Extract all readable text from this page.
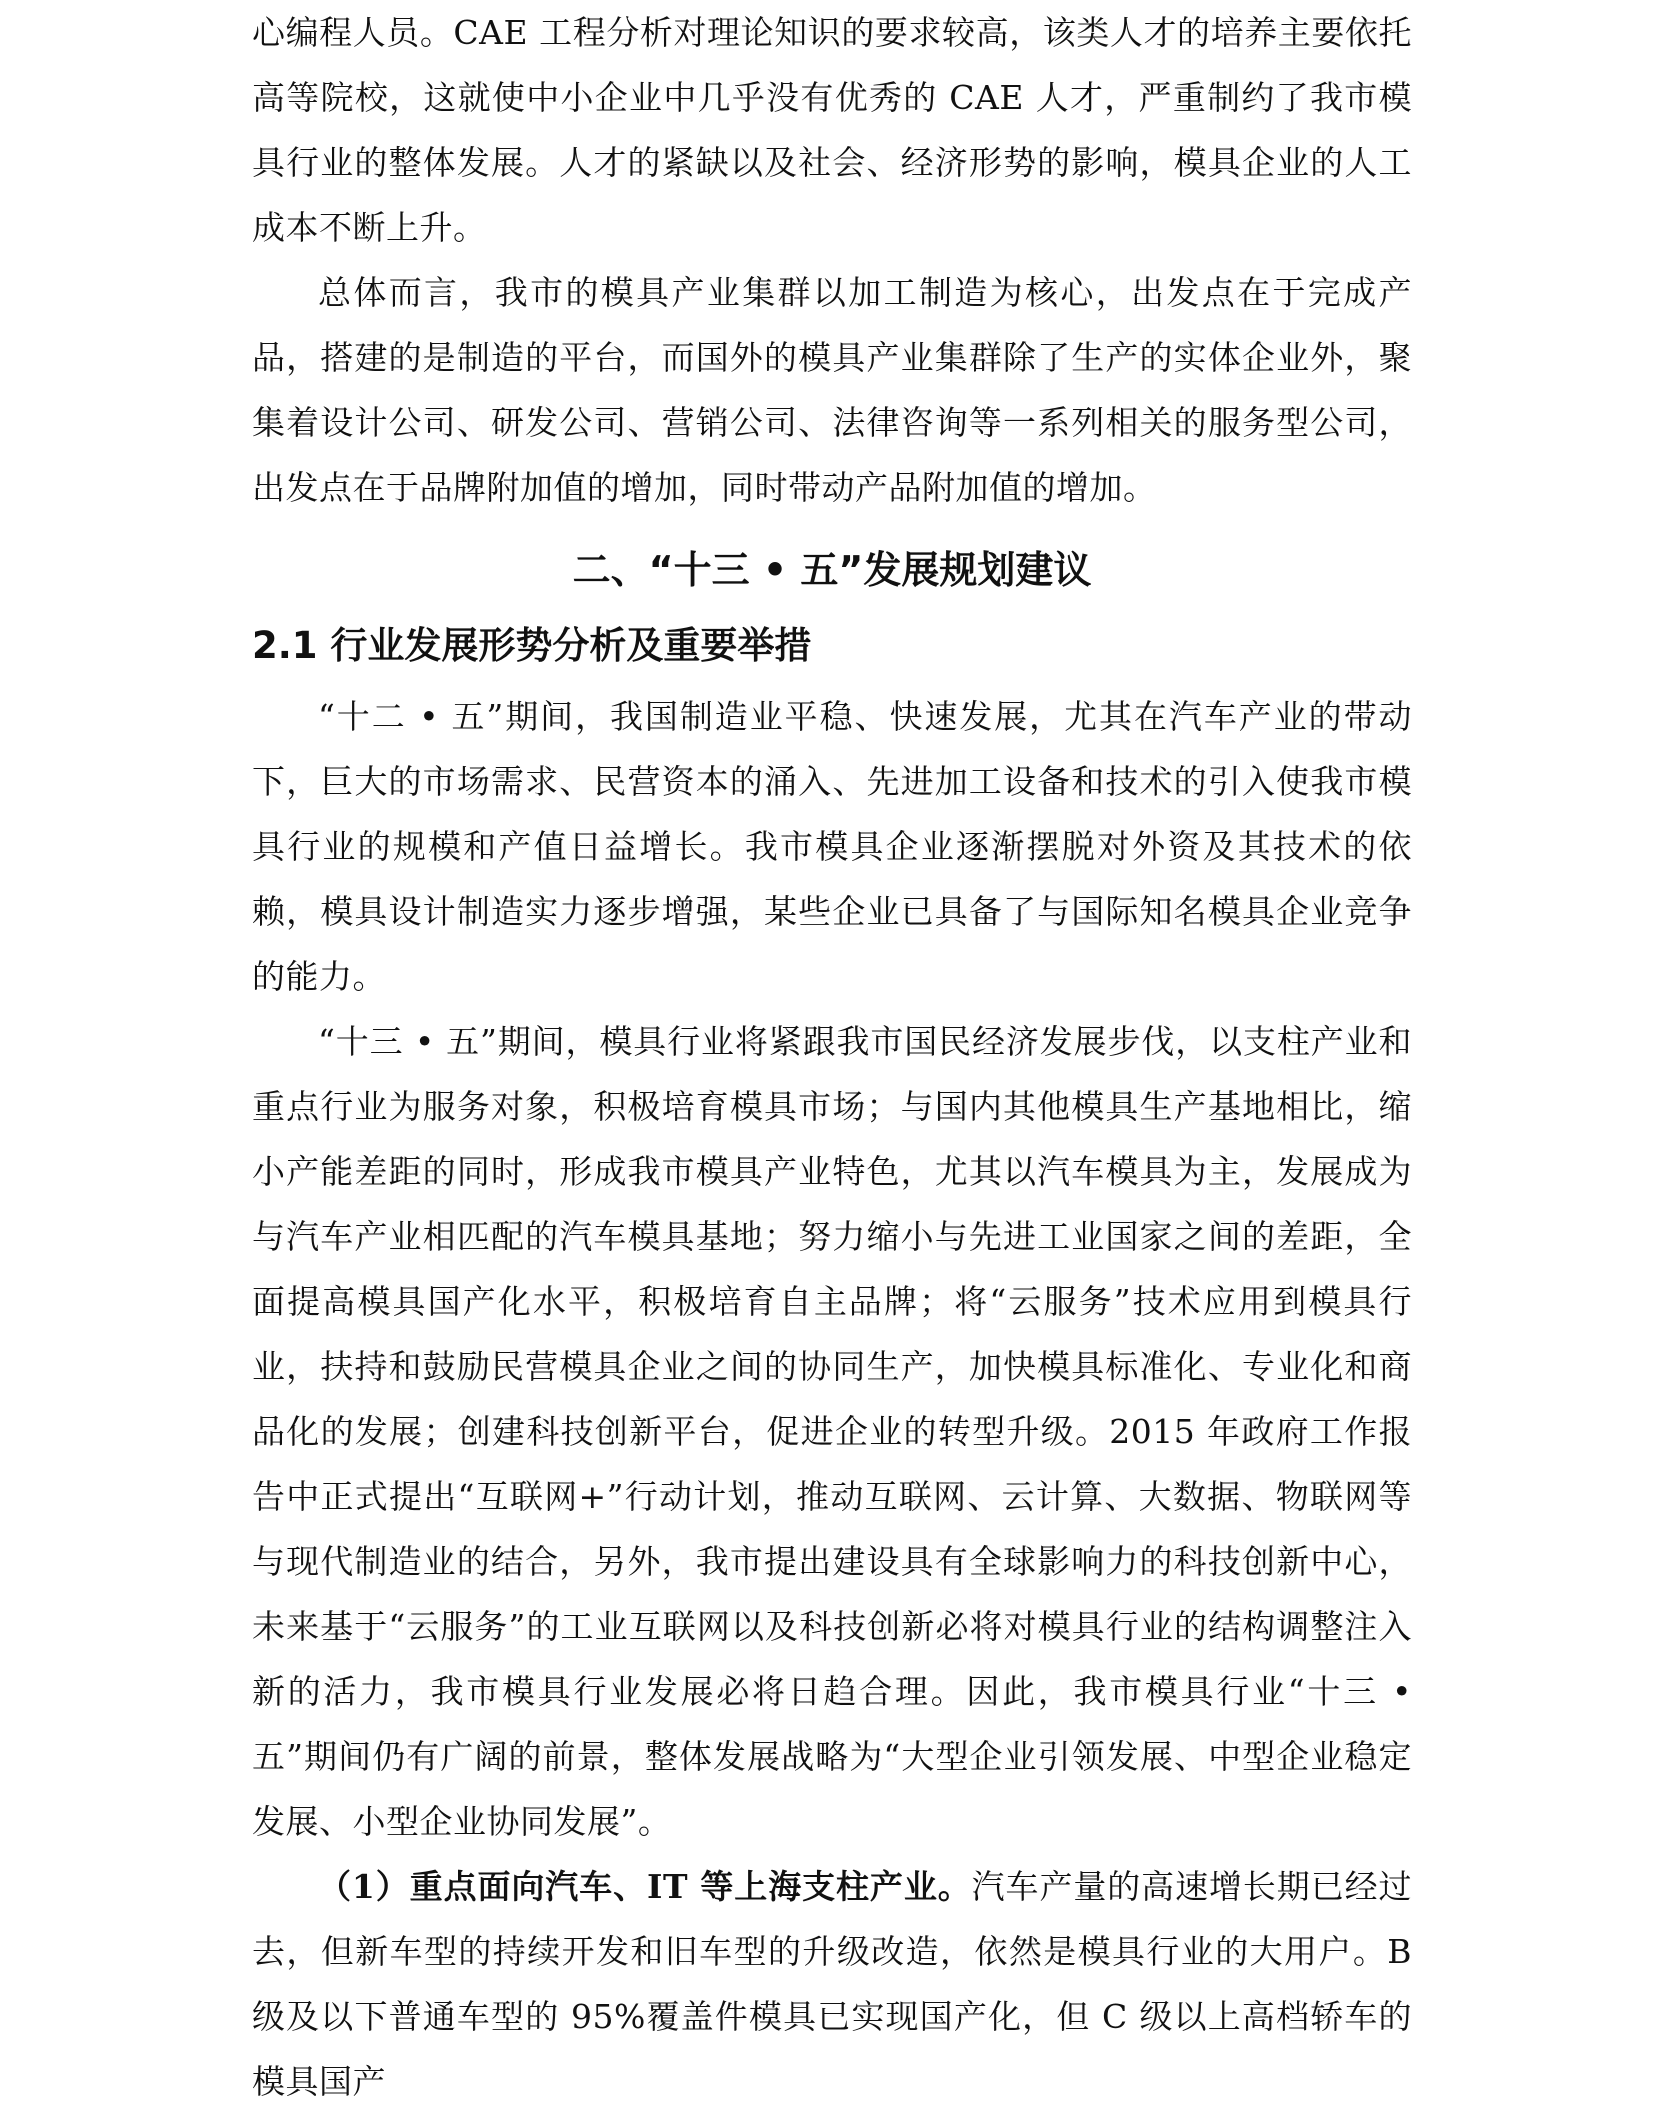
心编程人员。CAE 工程分析对理论知识的要求较高，该类人才的培养主要依托高等院校，这就使中小企业中几乎没有优秀的 CAE 人才，严重制约了我市模具行业的整体发展。人才的紧缺以及社会、经济形势的影响，模具企业的人工成本不断上升。

总体而言，我市的模具产业集群以加工制造为核心，出发点在于完成产品，搭建的是制造的平台，而国外的模具产业集群除了生产的实体企业外，聚集着设计公司、研发公司、营销公司、法律咨询等一系列相关的服务型公司，出发点在于品牌附加值的增加，同时带动产品附加值的增加。

二、“十三 • 五”发展规划建议
2.1 行业发展形势分析及重要举措

“十二 • 五”期间，我国制造业平稳、快速发展，尤其在汽车产业的带动下，巨大的市场需求、民营资本的涌入、先进加工设备和技术的引入使我市模具行业的规模和产值日益增长。我市模具企业逐渐摆脱对外资及其技术的依赖，模具设计制造实力逐步增强，某些企业已具备了与国际知名模具企业竞争的能力。

“十三 • 五”期间，模具行业将紧跟我市国民经济发展步伐，以支柱产业和重点行业为服务对象，积极培育模具市场；与国内其他模具生产基地相比，缩小产能差距的同时，形成我市模具产业特色，尤其以汽车模具为主，发展成为与汽车产业相匹配的汽车模具基地；努力缩小与先进工业国家之间的差距，全面提高模具国产化水平，积极培育自主品牌；将“云服务”技术应用到模具行业，扶持和鼓励民营模具企业之间的协同生产，加快模具标准化、专业化和商品化的发展；创建科技创新平台，促进企业的转型升级。2015 年政府工作报告中正式提出“互联网+”行动计划，推动互联网、云计算、大数据、物联网等与现代制造业的结合，另外，我市提出建设具有全球影响力的科技创新中心，未来基于“云服务”的工业互联网以及科技创新必将对模具行业的结构调整注入新的活力，我市模具行业发展必将日趋合理。因此，我市模具行业“十三 • 五”期间仍有广阔的前景，整体发展战略为“大型企业引领发展、中型企业稳定发展、小型企业协同发展”。

（1）重点面向汽车、IT 等上海支柱产业。汽车产量的高速增长期已经过去，但新车型的持续开发和旧车型的升级改造，依然是模具行业的大用户。B 级及以下普通车型的 95%覆盖件模具已实现国产化，但 C 级以上高档轿车的模具国产
